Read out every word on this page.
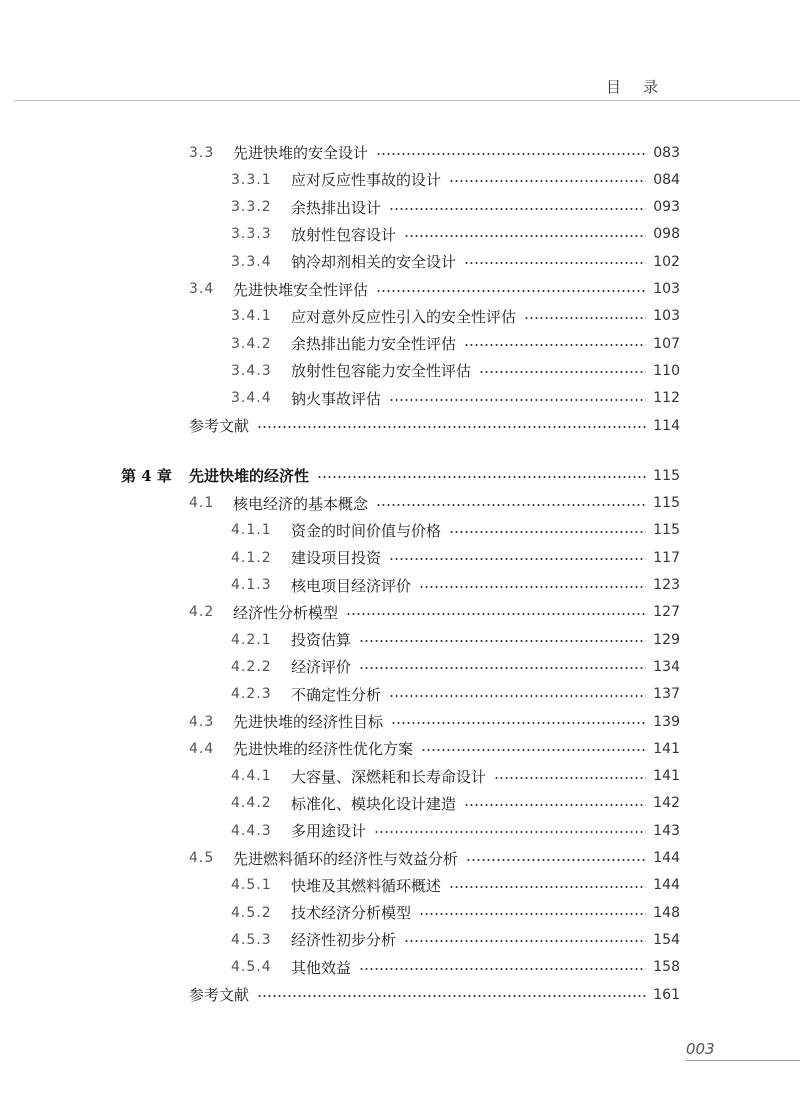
目录
3.3 先进快堆的安全设计	083
3.3.1 应对反应性事故的设计	084
3.3.2 余热排出设计	093
3.3.3 放射性包容设计	098
3.3.4 钠冷却剂相关的安全设计	102
3.4 先进快堆安全性评估	103
3.4.1 应对意外反应性引入的安全性评估	103
3.4.2 余热排出能力安全性评估	107
3.4.3 放射性包容能力安全性评估	110
3.4.4 钠火事故评估	112
参考文献	114
第 4 章 先进快堆的经济性	115
4.1 核电经济的基本概念	115
4.1.1 资金的时间价值与价格	115
4.1.2 建设项目投资	117
4.1.3 核电项目经济评价	123
4.2 经济性分析模型	127
4.2.1 投资估算	129
4.2.2 经济评价	134
4.2.3 不确定性分析	137
4.3 先进快堆的经济性目标	139
4.4 先进快堆的经济性优化方案	141
4.4.1 大容量、深燃耗和长寿命设计	141
4.4.2 标准化、模块化设计建造	142
4.4.3 多用途设计	143
4.5 先进燃料循环的经济性与效益分析	144
4.5.1 快堆及其燃料循环概述	144
4.5.2 技术经济分析模型	148
4.5.3 经济性初步分析	154
4.5.4 其他效益	158
参考文献	161
003
